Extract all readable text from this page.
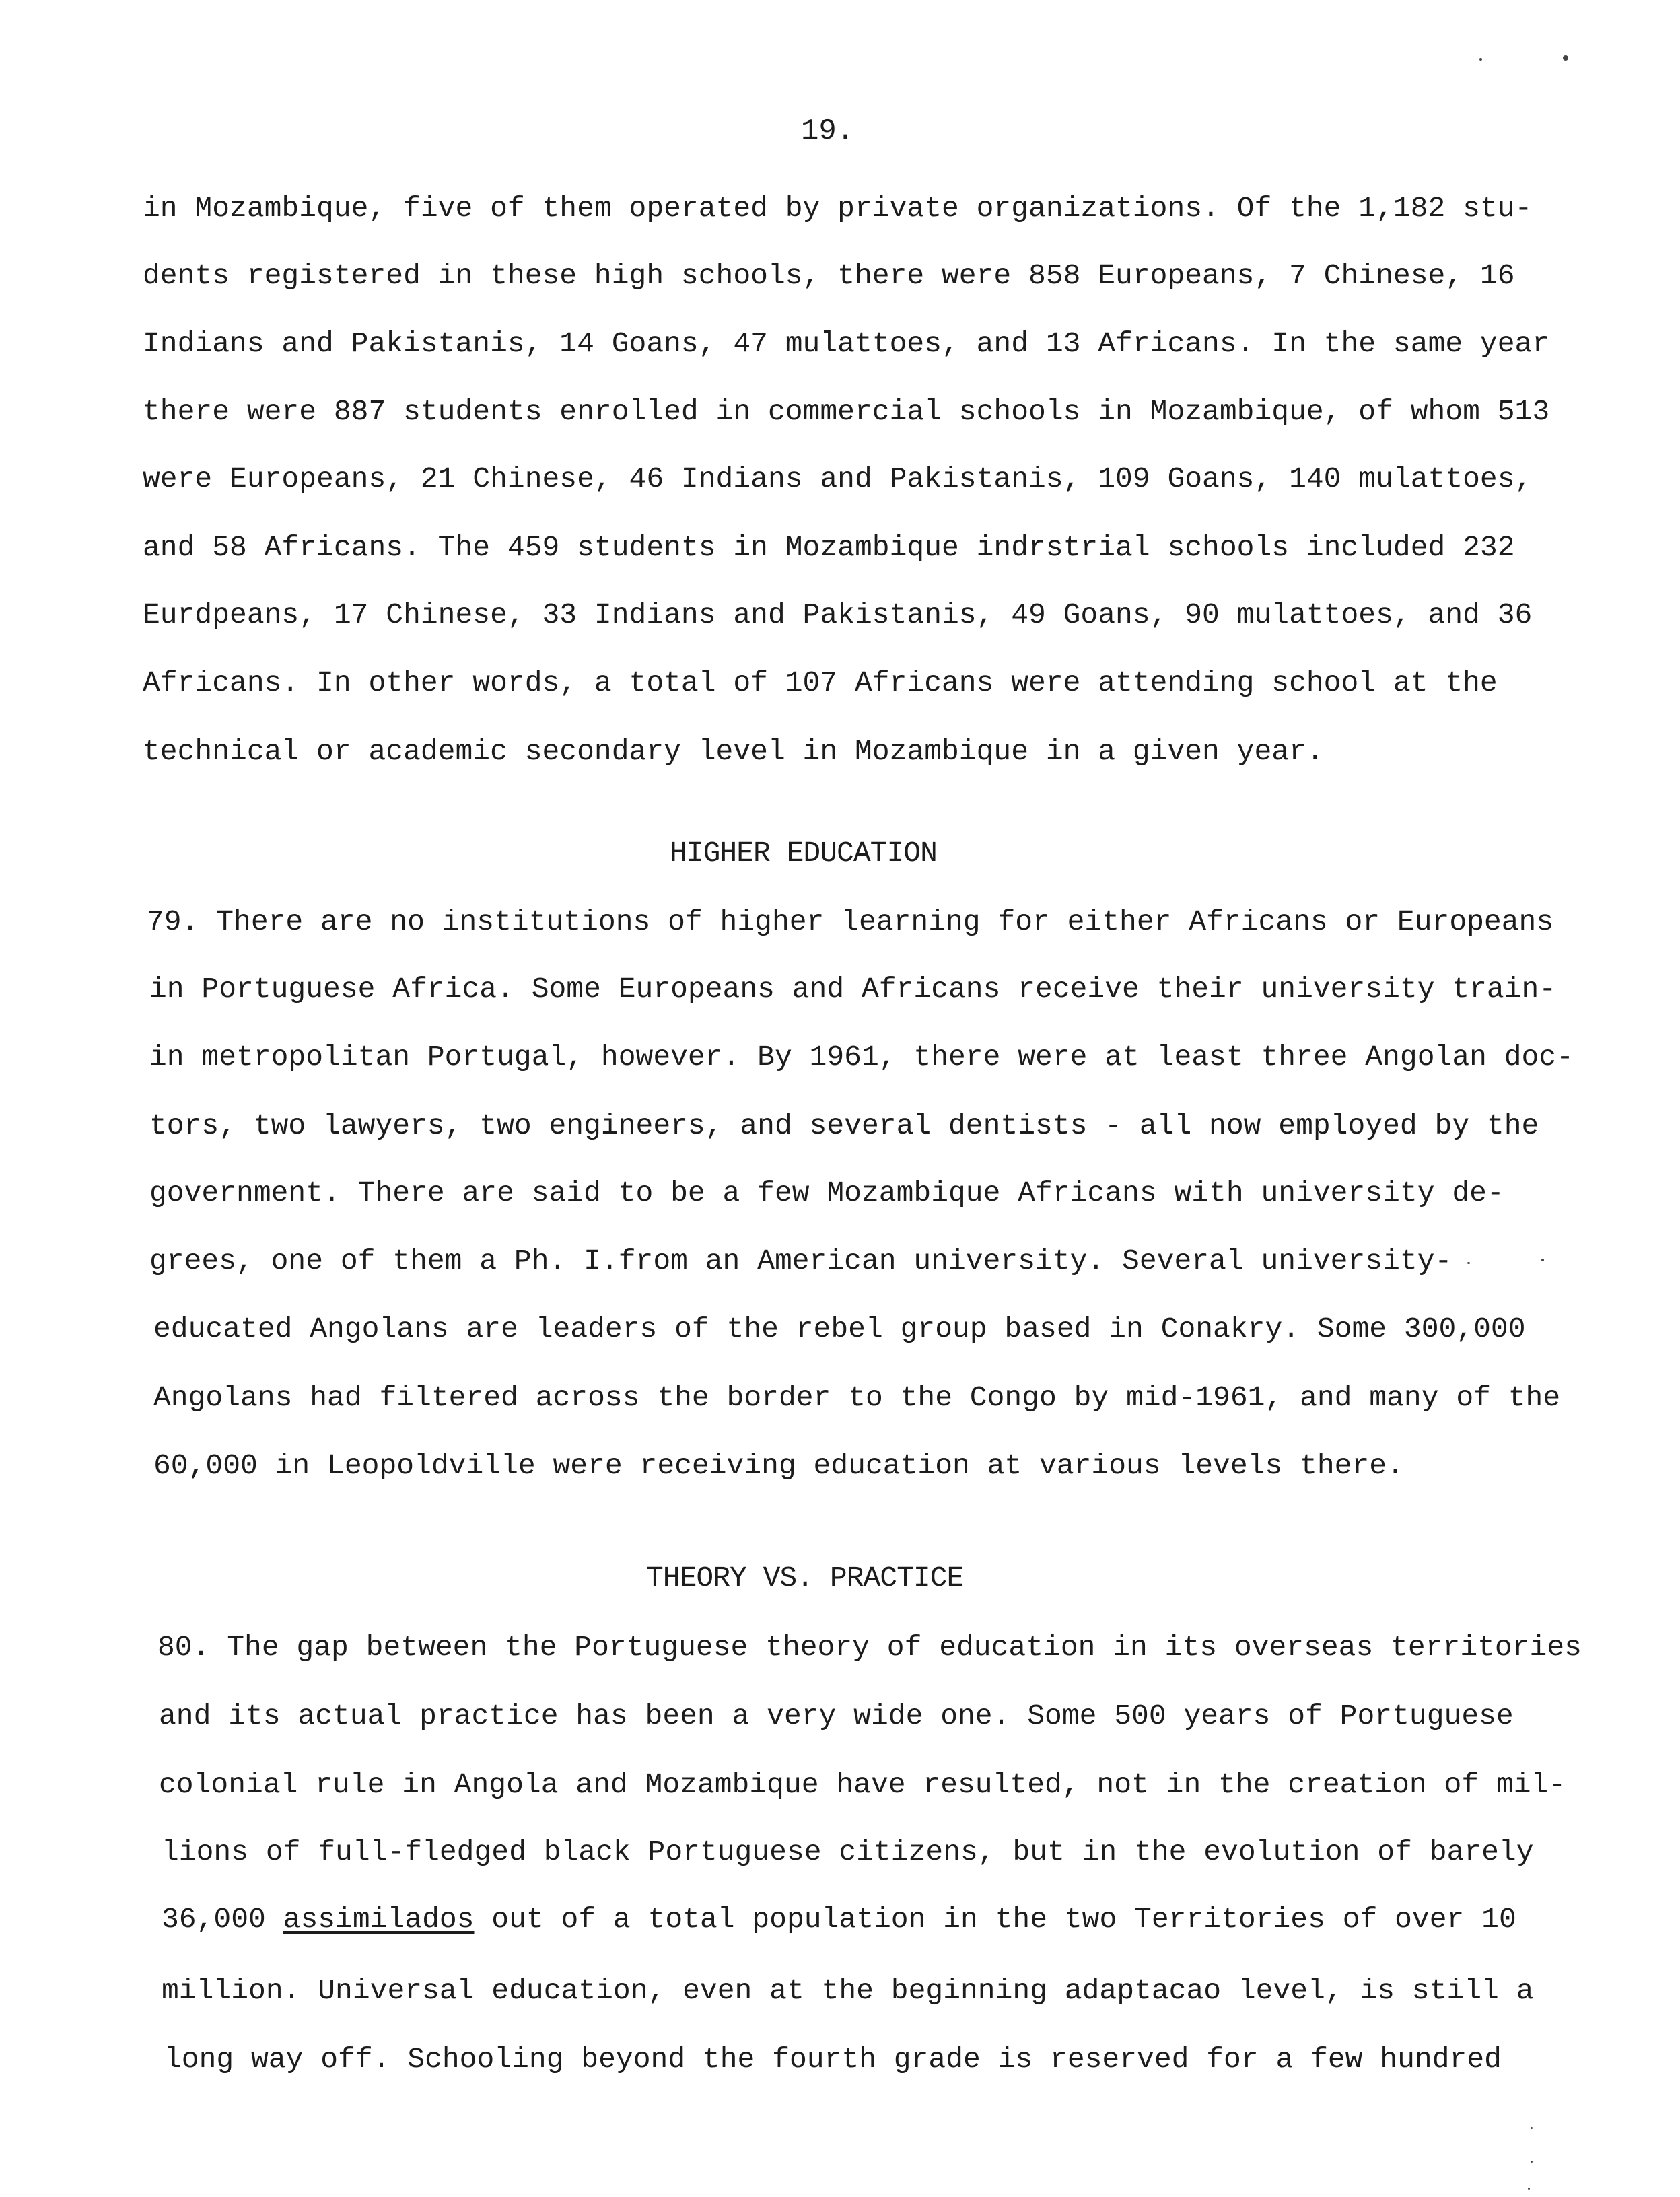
19.
in Mozambique, five of them operated by private organizations. Of the 1,182 stu-
dents registered in these high schools, there were 858 Europeans, 7 Chinese, 16
Indians and Pakistanis, 14 Goans, 47 mulattoes, and 13 Africans. In the same year
there were 887 students enrolled in commercial schools in Mozambique, of whom 513
were Europeans, 21 Chinese, 46 Indians and Pakistanis, 109 Goans, 140 mulattoes,
and 58 Africans. The 459 students in Mozambique indrstrial schools included 232
Eurdpeans, 17 Chinese, 33 Indians and Pakistanis, 49 Goans, 90 mulattoes, and 36
Africans. In other words, a total of 107 Africans were attending school at the
technical or academic secondary level in Mozambique in a given year.
HIGHER EDUCATION
79. There are no institutions of higher learning for either Africans or Europeans
in Portuguese Africa. Some Europeans and Africans receive their university train-
in metropolitan Portugal, however. By 1961, there were at least three Angolan doc-
tors, two lawyers, two engineers, and several dentists - all now employed by the
government. There are said to be a few Mozambique Africans with university de-
grees, one of them a Ph. I.from an American university. Several university-
educated Angolans are leaders of the rebel group based in Conakry. Some 300,000
Angolans had filtered across the border to the Congo by mid-1961, and many of the
60,000 in Leopoldville were receiving education at various levels there.
THEORY VS. PRACTICE
80. The gap between the Portuguese theory of education in its overseas territories
and its actual practice has been a very wide one. Some 500 years of Portuguese
colonial rule in Angola and Mozambique have resulted, not in the creation of mil-
lions of full-fledged black Portuguese citizens, but in the evolution of barely
36,000 assimilados out of a total population in the two Territories of over 10
million. Universal education, even at the beginning adaptacao level, is still a
long way off. Schooling beyond the fourth grade is reserved for a few hundred
